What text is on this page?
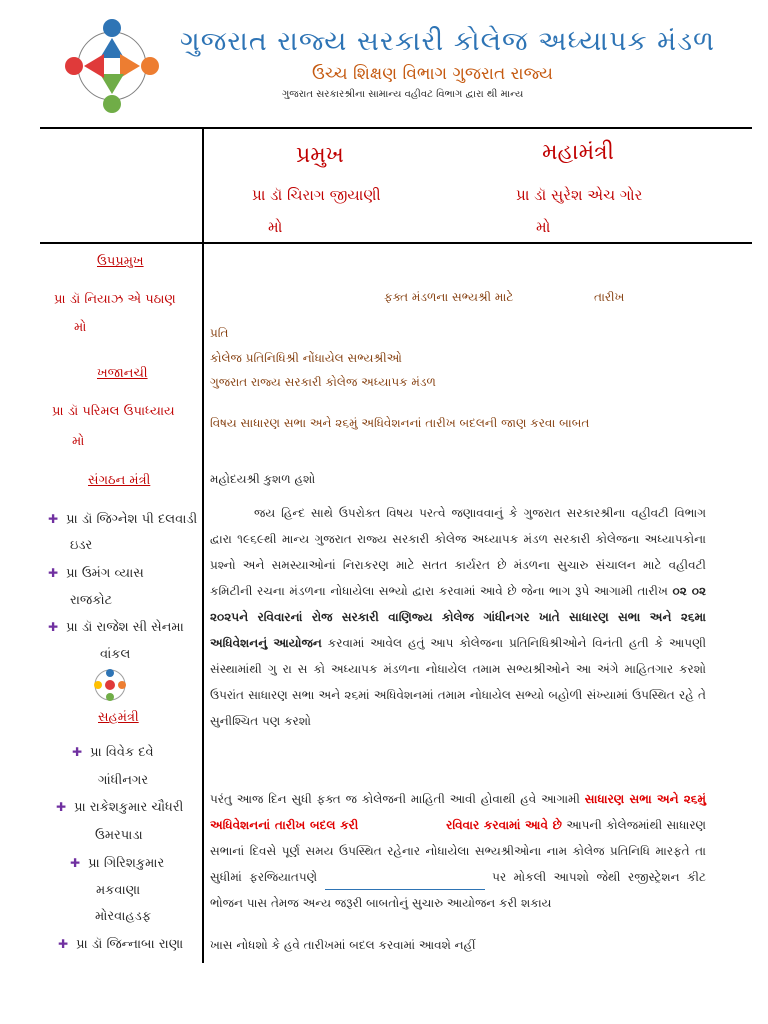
ગુજરાત રાજ્ય સરકારી કોલેજ અધ્યાપક મંડળ
ઉચ્ચ શિક્ષણ વિભાગ ગુજરાત રાજ્ય
ગુજરાત સરકારશ્રીના સામાન્ય વહીવટ વિભાગ દ્વારા થી માન્ય
પ્રમુખ	મહામંત્રી
પ્રા ડૉ ચિરાગ જીયાણી	પ્રા ડૉ સુરેશ એચ ગોર
મો	મો
ઉપપ્રમુખ
પ્રા ડૉ નિયાઝ એ પઠાણ
મો
ખજાનચી
પ્રા ડૉ પરિમલ ઉપાધ્યાય
મો
સંગઠન મંત્રી
✚ પ્રા ડૉ જિગ્નેશ પી દલવાડી
ઇડર
✚ પ્રા ઉમંગ વ્યાસ
રાજકોટ
✚ પ્રા ડૉ રાજેશ સી સેનમા
વાંકલ
સહમંત્રી
✚ પ્રા વિવેક દવે
ગાંધીનગર
✚ પ્રા રાકેશકુમાર ચૌધરી
ઉમરપાડા
✚ પ્રા ગિરિશકુમાર
મકવાણા
મોરવાહડફ
✚ પ્રા ડૉ જિન્નાબા રાણા
ફક્ત મંડળના સભ્યશ્રી માટે	તારીખ
પ્રતિ
કોલેજ પ્રતિનિધિશ્રી નોંધાયેલ સભ્યશ્રીઓ
ગુજરાત રાજ્ય સરકારી કોલેજ અધ્યાપક મંડળ
વિષય સાધારણ સભા અને ૨૬મું અધિવેશનનાં તારીખ બદલની જાણ કરવા બાબત
મહોદયશ્રી કુશળ હશો
જય હિન્દ સાથે ઉપરોક્ત વિષય પરત્વે જણાવવાનું કે ગુજરાત સરકારશ્રીના વહીવટી વિભાગ દ્વારા ૧૯૬૯થી માન્ય ગુજરાત રાજ્ય સરકારી કોલેજ અધ્યાપક મંડળ સરકારી કોલેજના અધ્યાપકોના પ્રશ્નો અને સમસ્યાઓનાં નિરાકરણ માટે સતત કાર્યરત છે મંડળના સુચારુ સંચાલન માટે વહીવટી કમિટીની રચના મંડળના નોધાયેલા સભ્યો દ્વારા કરવામાં આવે છે જેના ભાગ રૂપે આગામી તારીખ ૦૨ ૦૨ ૨૦૨૫ને રવિવારનાં રોજ સરકારી વાણિજ્ય કોલેજ ગાંધીનગર ખાતે સાધારણ સભા અને ૨૬મા અધિવેશનનું આયોજન કરવામાં આવેલ હતું આપ કોલેજના પ્રતિનિધિશ્રીઓને વિનંતી હતી કે આપણી સંસ્થામાંથી ગુ રા સ કો અધ્યાપક મંડળના નોધાયેલ તમામ સભ્યશ્રીઓને આ અંગે માહિતગાર કરશો ઉપરાંત સાધારણ સભા અને ૨૬માં અધિવેશનમાં તમામ નોધાયેલ સભ્યો બહોળી સંખ્યામાં ઉપસ્થિત રહે તે સુનીશ્ચિત પણ કરશો
પરંતુ આજ દિન સુધી ફક્ત જ કોલેજની માહિતી આવી હોવાથી હવે આગામી સાધારણ સભા અને ૨૬મું અધિવેશનનાં તારીખ બદલ કરી	રવિવાર કરવામાં આવે છે આપની કોલેજમાંથી સાધારણ સભાનાં દિવસે પૂર્ણ સમય ઉપસ્થિત રહેનાર નોધાયેલા સભ્યશ્રીઓના નામ કોલેજ પ્રતિનિધિ મારફતે તા સુધીમાં ફરજિયાતપણે	પર મોકલી આપશો જેથી રજીસ્ટ્રેશન કીટ ભોજન પાસ તેમજ અન્ય જરૂરી બાબતોનું સુચારુ આયોજન કરી શકાય
ખાસ નોધશો કે હવે તારીખમાં બદલ કરવામાં આવશે નહીં
